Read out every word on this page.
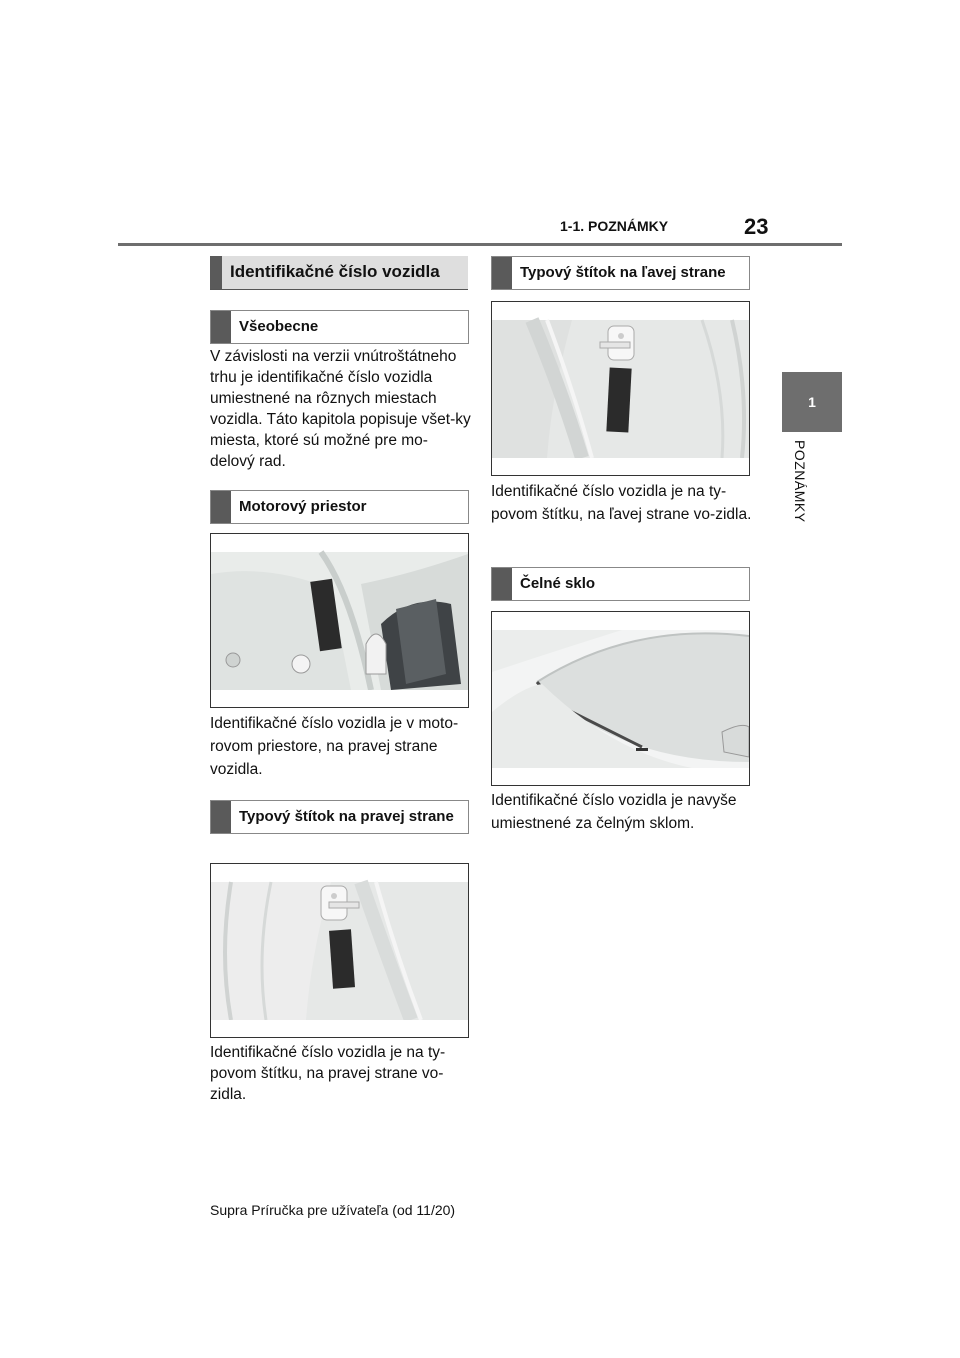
1-1. POZNÁMKY	23
1
POZNÁMKY
Identifikačné číslo vozidla
Všeobecne
V závislosti na verzii vnútroštátneho trhu je identifikačné číslo vozidla umiestnené na rôznych miestach vozidla. Táto kapitola popisuje všet-ky miesta, ktoré sú možné pre mo-delový rad.
Motorový priestor
Identifikačné číslo vozidla je v moto-rovom priestore, na pravej strane vozidla.
Typový štítok na pravej strane
Identifikačné číslo vozidla je na ty-povom štítku, na pravej strane vo-zidla.
Typový štítok na ľavej strane
Identifikačné číslo vozidla je na ty-povom štítku, na ľavej strane vo-zidla.
Čelné sklo
Identifikačné číslo vozidla je navyše umiestnené za čelným sklom.
Supra Príručka pre užívateľa (od 11/20)
